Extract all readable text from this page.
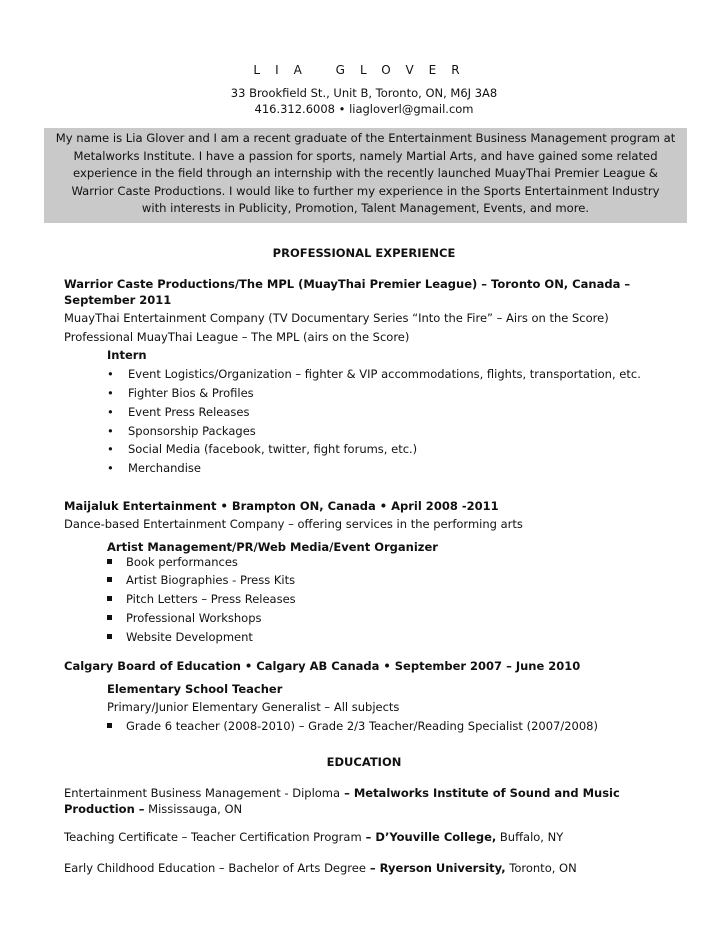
LIA GLOVER
33 Brookfield St., Unit B, Toronto, ON, M6J 3A8
416.312.6008 • liagloverl@gmail.com
My name is Lia Glover and I am a recent graduate of the Entertainment Business Management program at
Metalworks Institute. I have a passion for sports, namely Martial Arts, and have gained some related
experience in the field through an internship with the recently launched MuayThai Premier League &
Warrior Caste Productions. I would like to further my experience in the Sports Entertainment Industry
with interests in Publicity, Promotion, Talent Management, Events, and more.
PROFESSIONAL EXPERIENCE
Warrior Caste Productions/The MPL (MuayThai Premier League) – Toronto ON, Canada –
September 2011
MuayThai Entertainment Company (TV Documentary Series “Into the Fire” – Airs on the Score)
Professional MuayThai League – The MPL (airs on the Score)
Intern
• Event Logistics/Organization – fighter & VIP accommodations, flights, transportation, etc.
• Fighter Bios & Profiles
• Event Press Releases
• Sponsorship Packages
• Social Media (facebook, twitter, fight forums, etc.)
• Merchandise
Maijaluk Entertainment • Brampton ON, Canada • April 2008 -2011
Dance-based Entertainment Company – offering services in the performing arts
Artist Management/PR/Web Media/Event Organizer
Book performances
Artist Biographies - Press Kits
Pitch Letters – Press Releases
Professional Workshops
Website Development
Calgary Board of Education • Calgary AB Canada • September 2007 – June 2010
Elementary School Teacher
Primary/Junior Elementary Generalist – All subjects
Grade 6 teacher (2008-2010) – Grade 2/3 Teacher/Reading Specialist (2007/2008)
EDUCATION
Entertainment Business Management - Diploma – Metalworks Institute of Sound and Music
Production – Mississauga, ON
Teaching Certificate – Teacher Certification Program – D’Youville College, Buffalo, NY
Early Childhood Education – Bachelor of Arts Degree – Ryerson University, Toronto, ON
